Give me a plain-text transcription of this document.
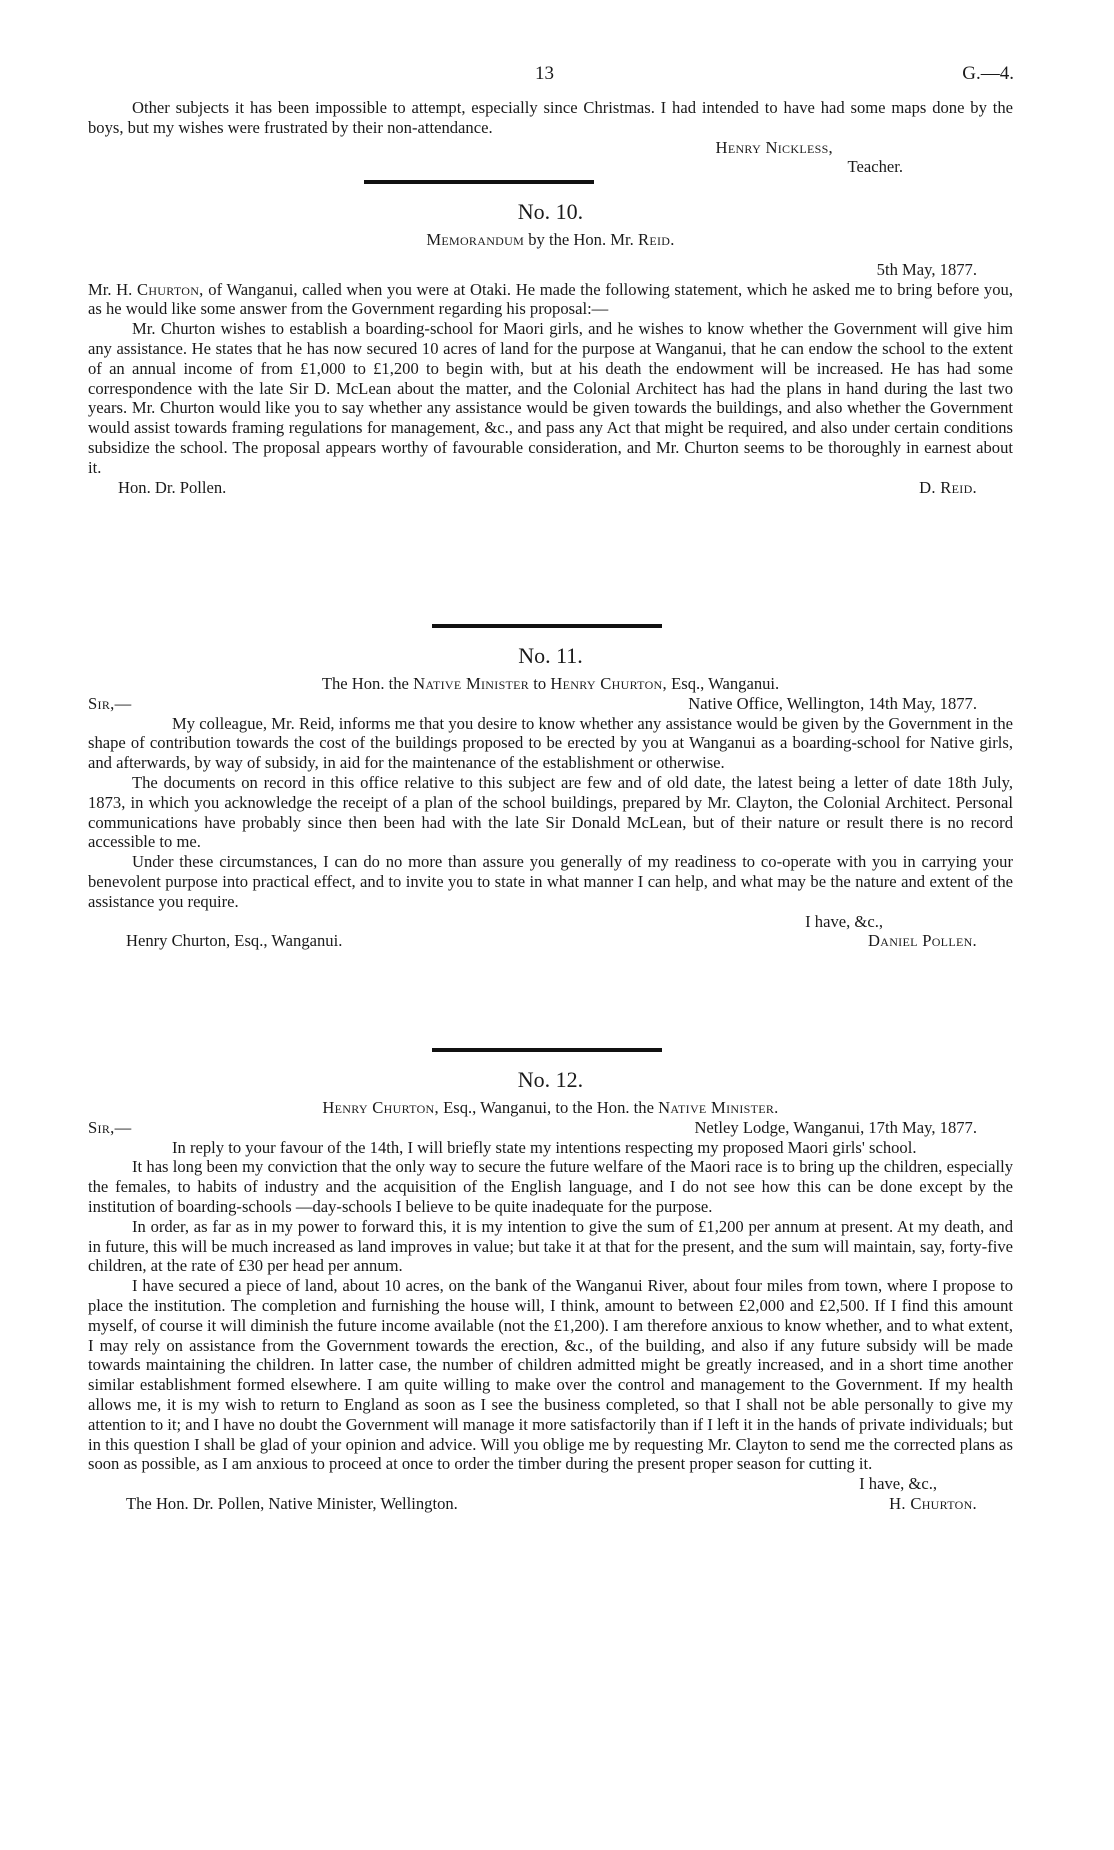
13	G.—4.

Other subjects it has been impossible to attempt, especially since Christmas. I had intended to have had some maps done by the boys, but my wishes were frustrated by their non-attendance.

Henry Nickless,

Teacher.

No. 10.

Memorandum by the Hon. Mr. Reid.

5th May, 1877.

Mr. H. Churton, of Wanganui, called when you were at Otaki. He made the following statement, which he asked me to bring before you, as he would like some answer from the Government regarding his proposal:—

Mr. Churton wishes to establish a boarding-school for Maori girls, and he wishes to know whether the Government will give him any assistance. He states that he has now secured 10 acres of land for the purpose at Wanganui, that he can endow the school to the extent of an annual income of from £1,000 to £1,200 to begin with, but at his death the endowment will be increased. He has had some correspondence with the late Sir D. McLean about the matter, and the Colonial Architect has had the plans in hand during the last two years. Mr. Churton would like you to say whether any assistance would be given towards the buildings, and also whether the Government would assist towards framing regulations for management, &c., and pass any Act that might be required, and also under certain conditions subsidize the school. The proposal appears worthy of favourable consideration, and Mr. Churton seems to be thoroughly in earnest about it.

Hon. Dr. Pollen.	D. Reid.
No. 11.

The Hon. the Native Minister to Henry Churton, Esq., Wanganui.

Sir,—	Native Office, Wellington, 14th May, 1877.

My colleague, Mr. Reid, informs me that you desire to know whether any assistance would be given by the Government in the shape of contribution towards the cost of the buildings proposed to be erected by you at Wanganui as a boarding-school for Native girls, and afterwards, by way of subsidy, in aid for the maintenance of the establishment or otherwise.

The documents on record in this office relative to this subject are few and of old date, the latest being a letter of date 18th July, 1873, in which you acknowledge the receipt of a plan of the school buildings, prepared by Mr. Clayton, the Colonial Architect. Personal communications have probably since then been had with the late Sir Donald McLean, but of their nature or result there is no record accessible to me.

Under these circumstances, I can do no more than assure you generally of my readiness to co-operate with you in carrying your benevolent purpose into practical effect, and to invite you to state in what manner I can help, and what may be the nature and extent of the assistance you require.

I have, &c.,

Henry Churton, Esq., Wanganui.	Daniel Pollen.
No. 12.

Henry Churton, Esq., Wanganui, to the Hon. the Native Minister.

Sir,—	Netley Lodge, Wanganui, 17th May, 1877.

In reply to your favour of the 14th, I will briefly state my intentions respecting my proposed Maori girls' school.

It has long been my conviction that the only way to secure the future welfare of the Maori race is to bring up the children, especially the females, to habits of industry and the acquisition of the English language, and I do not see how this can be done except by the institution of boarding-schools —day-schools I believe to be quite inadequate for the purpose.

In order, as far as in my power to forward this, it is my intention to give the sum of £1,200 per annum at present. At my death, and in future, this will be much increased as land improves in value; but take it at that for the present, and the sum will maintain, say, forty-five children, at the rate of £30 per head per annum.

I have secured a piece of land, about 10 acres, on the bank of the Wanganui River, about four miles from town, where I propose to place the institution. The completion and furnishing the house will, I think, amount to between £2,000 and £2,500. If I find this amount myself, of course it will diminish the future income available (not the £1,200). I am therefore anxious to know whether, and to what extent, I may rely on assistance from the Government towards the erection, &c., of the building, and also if any future subsidy will be made towards maintaining the children. In latter case, the number of children admitted might be greatly increased, and in a short time another similar establishment formed elsewhere. I am quite willing to make over the control and management to the Government. If my health allows me, it is my wish to return to England as soon as I see the business completed, so that I shall not be able personally to give my attention to it; and I have no doubt the Government will manage it more satisfactorily than if I left it in the hands of private individuals; but in this question I shall be glad of your opinion and advice. Will you oblige me by requesting Mr. Clayton to send me the corrected plans as soon as possible, as I am anxious to proceed at once to order the timber during the present proper season for cutting it.

I have, &c.,

The Hon. Dr. Pollen, Native Minister, Wellington.	H. Churton.
